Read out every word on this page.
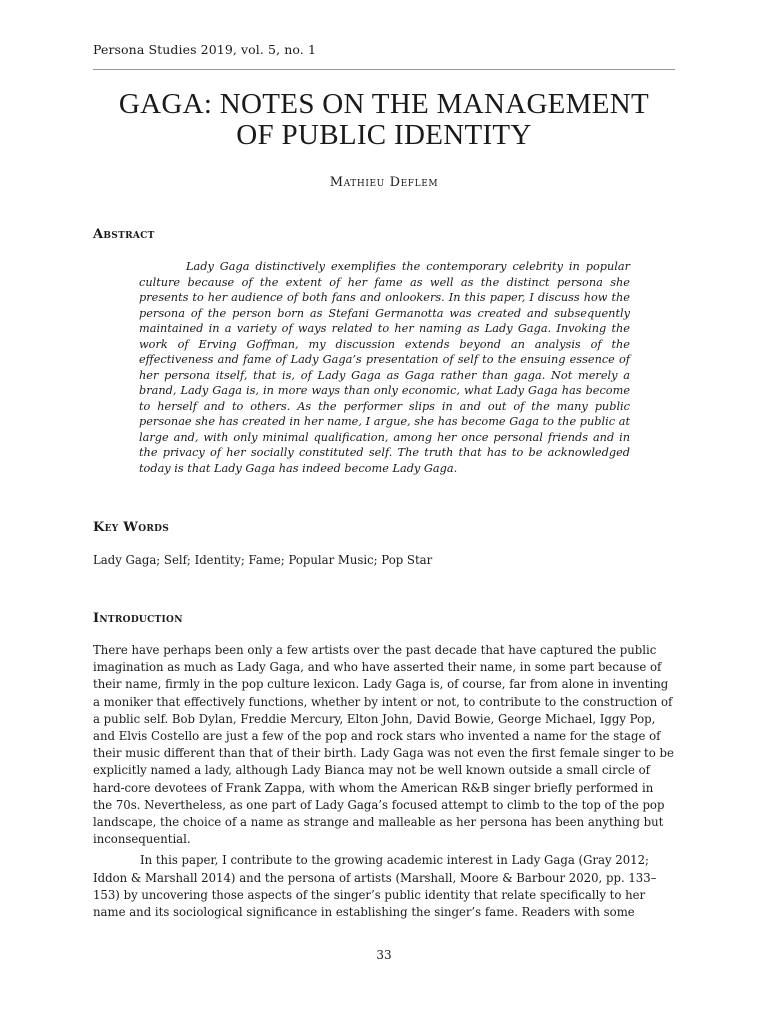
Persona Studies 2019, vol. 5, no. 1
GAGA: NOTES ON THE MANAGEMENT
OF PUBLIC IDENTITY
Mathieu Deflem
Abstract

Lady Gaga distinctively exemplifies the contemporary celebrity in popular culture because of the extent of her fame as well as the distinct persona she presents to her audience of both fans and onlookers. In this paper, I discuss how the persona of the person born as Stefani Germanotta was created and subsequently maintained in a variety of ways related to her naming as Lady Gaga. Invoking the work of Erving Goffman, my discussion extends beyond an analysis of the effectiveness and fame of Lady Gaga’s presentation of self to the ensuing essence of her persona itself, that is, of Lady Gaga as Gaga rather than gaga. Not merely a brand, Lady Gaga is, in more ways than only economic, what Lady Gaga has become to herself and to others. As the performer slips in and out of the many public personae she has created in her name, I argue, she has become Gaga to the public at large and, with only minimal qualification, among her once personal friends and in the privacy of her socially constituted self. The truth that has to be acknowledged today is that Lady Gaga has indeed become Lady Gaga.

Key Words

Lady Gaga; Self; Identity; Fame; Popular Music; Pop Star

Introduction

There have perhaps been only a few artists over the past decade that have captured the public imagination as much as Lady Gaga, and who have asserted their name, in some part because of their name, firmly in the pop culture lexicon. Lady Gaga is, of course, far from alone in inventing a moniker that effectively functions, whether by intent or not, to contribute to the construction of a public self. Bob Dylan, Freddie Mercury, Elton John, David Bowie, George Michael, Iggy Pop, and Elvis Costello are just a few of the pop and rock stars who invented a name for the stage of their music different than that of their birth. Lady Gaga was not even the first female singer to be explicitly named a lady, although Lady Bianca may not be well known outside a small circle of hard-core devotees of Frank Zappa, with whom the American R&B singer briefly performed in the 70s. Nevertheless, as one part of Lady Gaga’s focused attempt to climb to the top of the pop landscape, the choice of a name as strange and malleable as her persona has been anything but inconsequential.

In this paper, I contribute to the growing academic interest in Lady Gaga (Gray 2012; Iddon & Marshall 2014) and the persona of artists (Marshall, Moore & Barbour 2020, pp. 133–153) by uncovering those aspects of the singer’s public identity that relate specifically to her name and its sociological significance in establishing the singer’s fame. Readers with some

33
